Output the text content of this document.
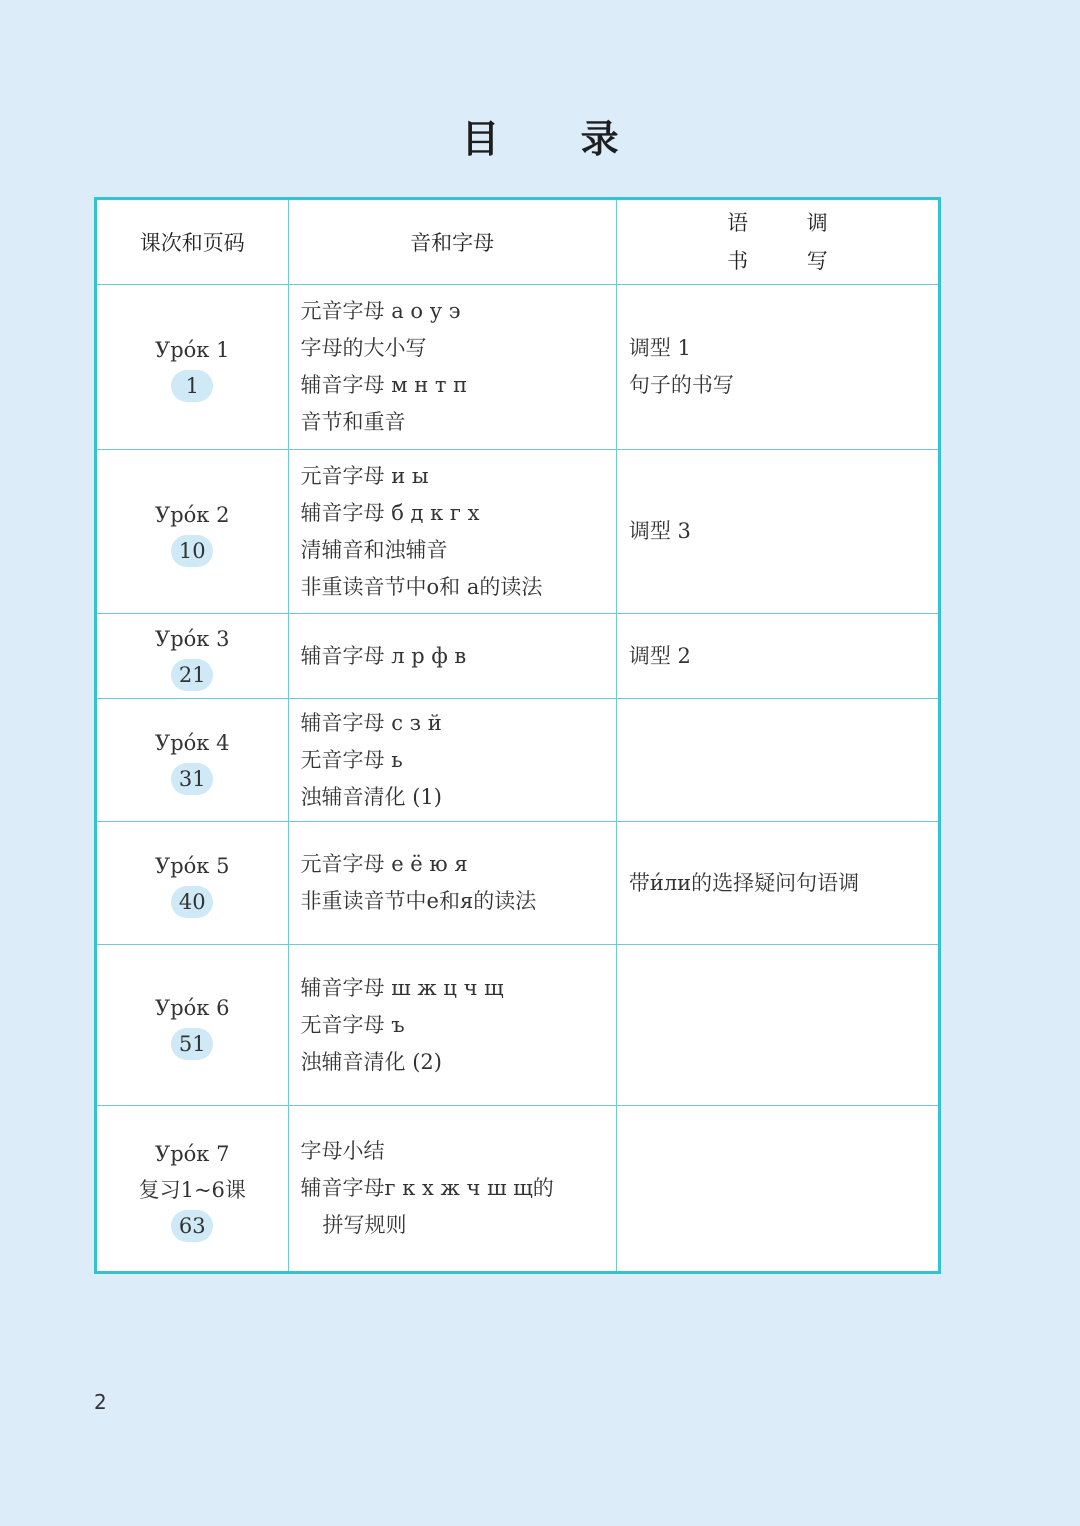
目 录
课次和页码	音和字母	语 调
书 写

Уро́к 1
1	元音字母 а о у э
字母的大小写
辅音字母 м н т п
音节和重音	调型 1
句子的书写

Уро́к 2
10	元音字母 и ы
辅音字母 б д к г х
清辅音和浊辅音
非重读音节中о和 а的读法	调型 3

Уро́к 3
21	辅音字母 л р ф в	调型 2

Уро́к 4
31	辅音字母 с з й
无音字母 ь
浊辅音清化 (1)	

Уро́к 5
40	元音字母 е ё ю я
非重读音节中е和я的读法	带и́ли的选择疑问句语调

Уро́к 6
51	辅音字母 ш ж ц ч щ
无音字母 ъ
浊辅音清化 (2)	

Уро́к 7
复习1~6课
63	字母小结
辅音字母г к х ж ч ш щ的
拼写规则	

2
